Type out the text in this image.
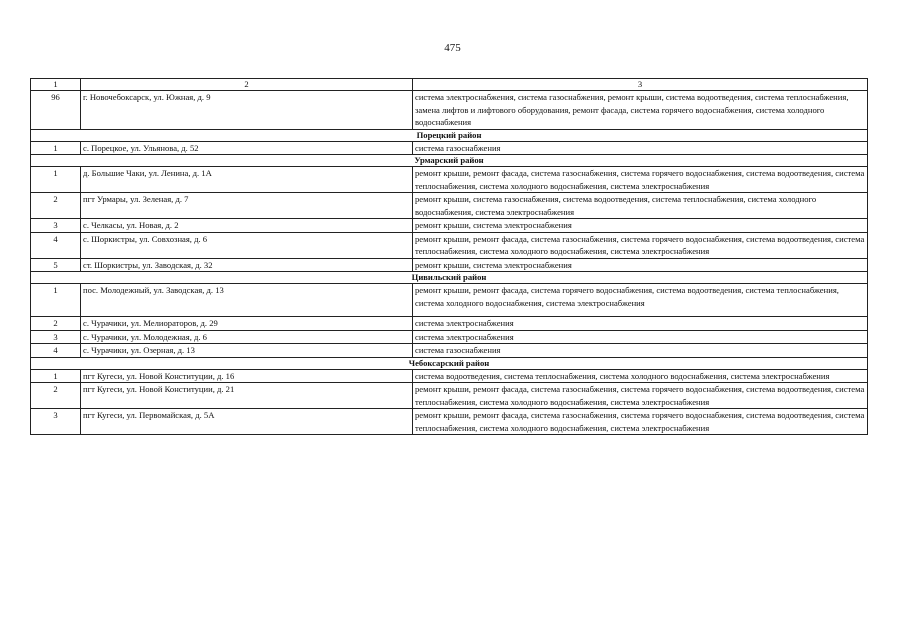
475
1	2	3
96	г. Новочебоксарск, ул. Южная, д. 9	система электроснабжения, система газоснабжения, ремонт крыши, система водоотведения, система теплоснабжения, замена лифтов и лифтового оборудования, ремонт фасада, система горячего водоснабжения, система холодного водоснабжения
Порецкий район		
1	с. Порецкое, ул. Ульянова, д. 52	система газоснабжения
Урмарский район		
1	д. Большие Чаки, ул. Ленина, д. 1А	ремонт крыши, ремонт фасада, система газоснабжения, система горячего водоснабжения, система водоотведения, система теплоснабжения, система холодного водоснабжения, система электроснабжения
2	пгт Урмары, ул. Зеленая, д. 7	ремонт крыши, система газоснабжения, система водоотведения, система теплоснабжения, система холодного водоснабжения, система электроснабжения
3	с. Челкасы, ул. Новая, д. 2	ремонт крыши, система электроснабжения
4	с. Шоркистры, ул. Совхозная, д. 6	ремонт крыши, ремонт фасада, система газоснабжения, система горячего водоснабжения, система водоотведения, система теплоснабжения, система холодного водоснабжения, система электроснабжения
5	ст. Шоркистры, ул. Заводская, д. 32	ремонт крыши, система электроснабжения
Цивильский район		
1	пос. Молодежный, ул. Заводская, д. 13	ремонт крыши, ремонт фасада, система горячего водоснабжения, система водоотведения, система теплоснабжения, система холодного водоснабжения, система электроснабжения
2	с. Чурачики, ул. Мелиораторов, д. 29	система электроснабжения
3	с. Чурачики, ул. Молодежная, д. 6	система электроснабжения
4	с. Чурачики, ул. Озерная, д. 13	система газоснабжения
Чебоксарский район		
1	пгт Кугеси, ул. Новой Конституции, д. 16	система водоотведения, система теплоснабжения, система холодного водоснабжения, система электроснабжения
2	пгт Кугеси, ул. Новой Конституции, д. 21	ремонт крыши, ремонт фасада, система газоснабжения, система горячего водоснабжения, система водоотведения, система теплоснабжения, система холодного водоснабжения, система электроснабжения
3	пгт Кугеси, ул. Первомайская, д. 5А	ремонт крыши, ремонт фасада, система газоснабжения, система горячего водоснабжения, система водоотведения, система теплоснабжения, система холодного водоснабжения, система электроснабжения
